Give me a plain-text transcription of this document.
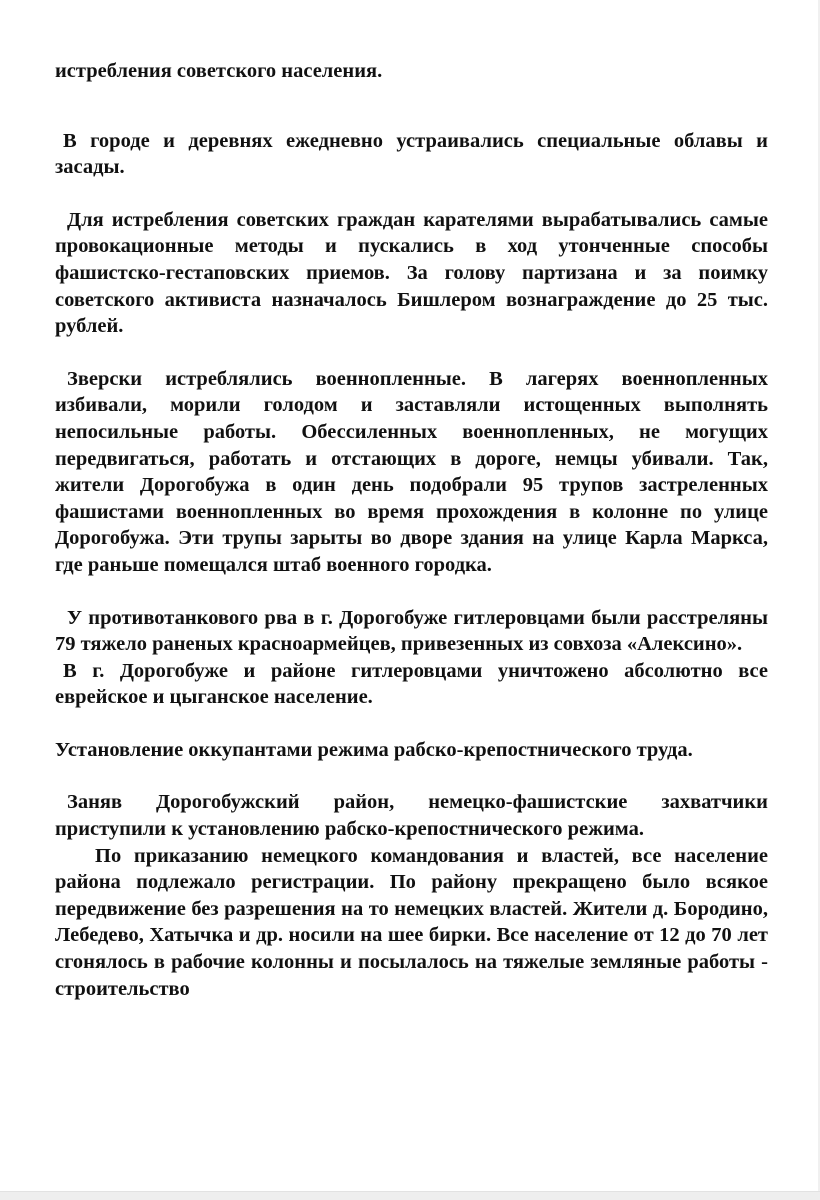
истребления советского населения.

В городе и деревнях ежедневно устраивались специальные облавы и засады.

Для истребления советских граждан карателями вырабатывались самые провокационные методы и пускались в ход утонченные способы фашистско-гестаповских приемов. За голову партизана и за поимку советского активиста назначалось Бишлером вознаграждение до 25 тыс. рублей.

Зверски истреблялись военнопленные. В лагерях военнопленных избивали, морили голодом и заставляли истощенных выполнять непосильные работы. Обессиленных военнопленных, не могущих передвигаться, работать и отстающих в дороге, немцы убивали. Так, жители Дорогобужа в один день подобрали 95 трупов застреленных фашистами военнопленных во время прохождения в колонне по улице Дорогобужа. Эти трупы зарыты во дворе здания на улице Карла Маркса, где раньше помещался штаб военного городка.

У противотанкового рва в г. Дорогобуже гитлеровцами были расстреляны 79 тяжело раненых красноармейцев, привезенных из совхоза «Алексино».

В г. Дорогобуже и районе гитлеровцами уничтожено абсолютно все еврейское и цыганское население.

Установление оккупантами режима рабско-крепостнического труда.

Заняв Дорогобужский район, немецко-фашистские захватчики приступили к установлению рабско-крепостнического режима.

По приказанию немецкого командования и властей, все население района подлежало регистрации. По району прекращено было всякое передвижение без разрешения на то немецких властей. Жители д. Бородино, Лебедево, Хатычка и др. носили на шее бирки. Все население от 12 до 70 лет сгонялось в рабочие колонны и посылалось на тяжелые земляные работы - строительство
